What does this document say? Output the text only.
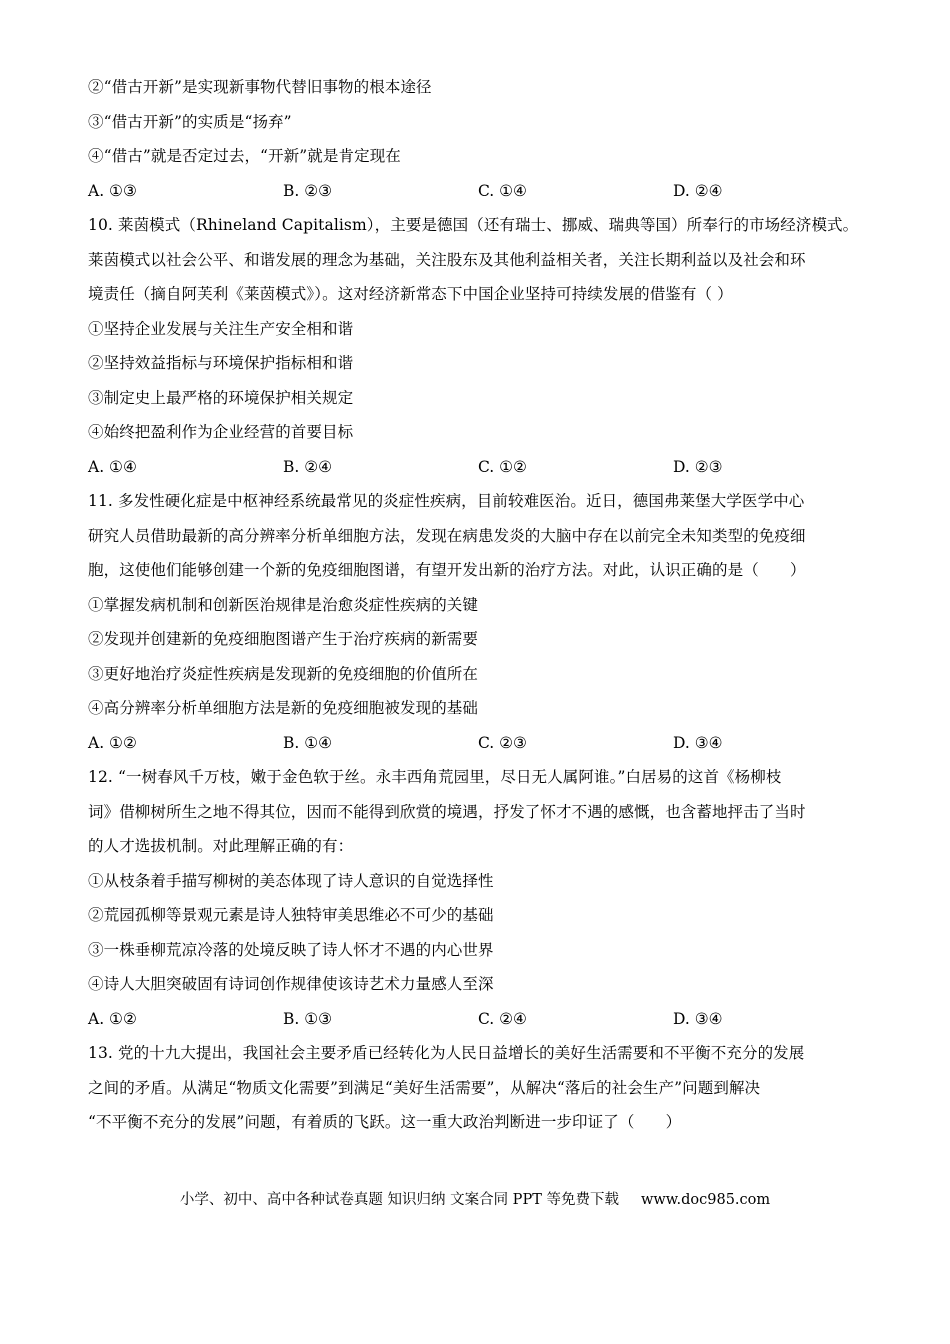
②“借古开新”是实现新事物代替旧事物的根本途径
③“借古开新”的实质是“扬弃”
④“借古”就是否定过去，“开新”就是肯定现在
A. ①③	B. ②③	C. ①④	D. ②④
10. 莱茵模式（Rhineland Capitalism），主要是德国（还有瑞士、挪威、瑞典等国）所奉行的市场经济模式。
莱茵模式以社会公平、和谐发展的理念为基础，关注股东及其他利益相关者，关注长期利益以及社会和环
境责任（摘自阿芙利《莱茵模式》）。这对经济新常态下中国企业坚持可持续发展的借鉴有（ ）
①坚持企业发展与关注生产安全相和谐
②坚持效益指标与环境保护指标相和谐
③制定史上最严格的环境保护相关规定
④始终把盈利作为企业经营的首要目标
A. ①④	B. ②④	C. ①②	D. ②③
11. 多发性硬化症是中枢神经系统最常见的炎症性疾病，目前较难医治。近日，德国弗莱堡大学医学中心
研究人员借助最新的高分辨率分析单细胞方法，发现在病患发炎的大脑中存在以前完全未知类型的免疫细
胞，这使他们能够创建一个新的免疫细胞图谱，有望开发出新的治疗方法。对此，认识正确的是（　　）
①掌握发病机制和创新医治规律是治愈炎症性疾病的关键
②发现并创建新的免疫细胞图谱产生于治疗疾病的新需要
③更好地治疗炎症性疾病是发现新的免疫细胞的价值所在
④高分辨率分析单细胞方法是新的免疫细胞被发现的基础
A. ①②	B. ①④	C. ②③	D. ③④
12. “一树春风千万枝，嫩于金色软于丝。永丰西角荒园里，尽日无人属阿谁。”白居易的这首《杨柳枝
词》借柳树所生之地不得其位，因而不能得到欣赏的境遇，抒发了怀才不遇的感慨，也含蓄地抨击了当时
的人才选拔机制。对此理解正确的有：
①从枝条着手描写柳树的美态体现了诗人意识的自觉选择性
②荒园孤柳等景观元素是诗人独特审美思维必不可少的基础
③一株垂柳荒凉冷落的处境反映了诗人怀才不遇的内心世界
④诗人大胆突破固有诗词创作规律使该诗艺术力量感人至深
A. ①②	B. ①③	C. ②④	D. ③④
13. 党的十九大提出，我国社会主要矛盾已经转化为人民日益增长的美好生活需要和不平衡不充分的发展
之间的矛盾。从满足“物质文化需要”到满足“美好生活需要”，从解决“落后的社会生产”问题到解决
“不平衡不充分的发展”问题，有着质的飞跃。这一重大政治判断进一步印证了（　　）
小学、初中、高中各种试卷真题 知识归纳 文案合同 PPT 等免费下载 www.doc985.com
